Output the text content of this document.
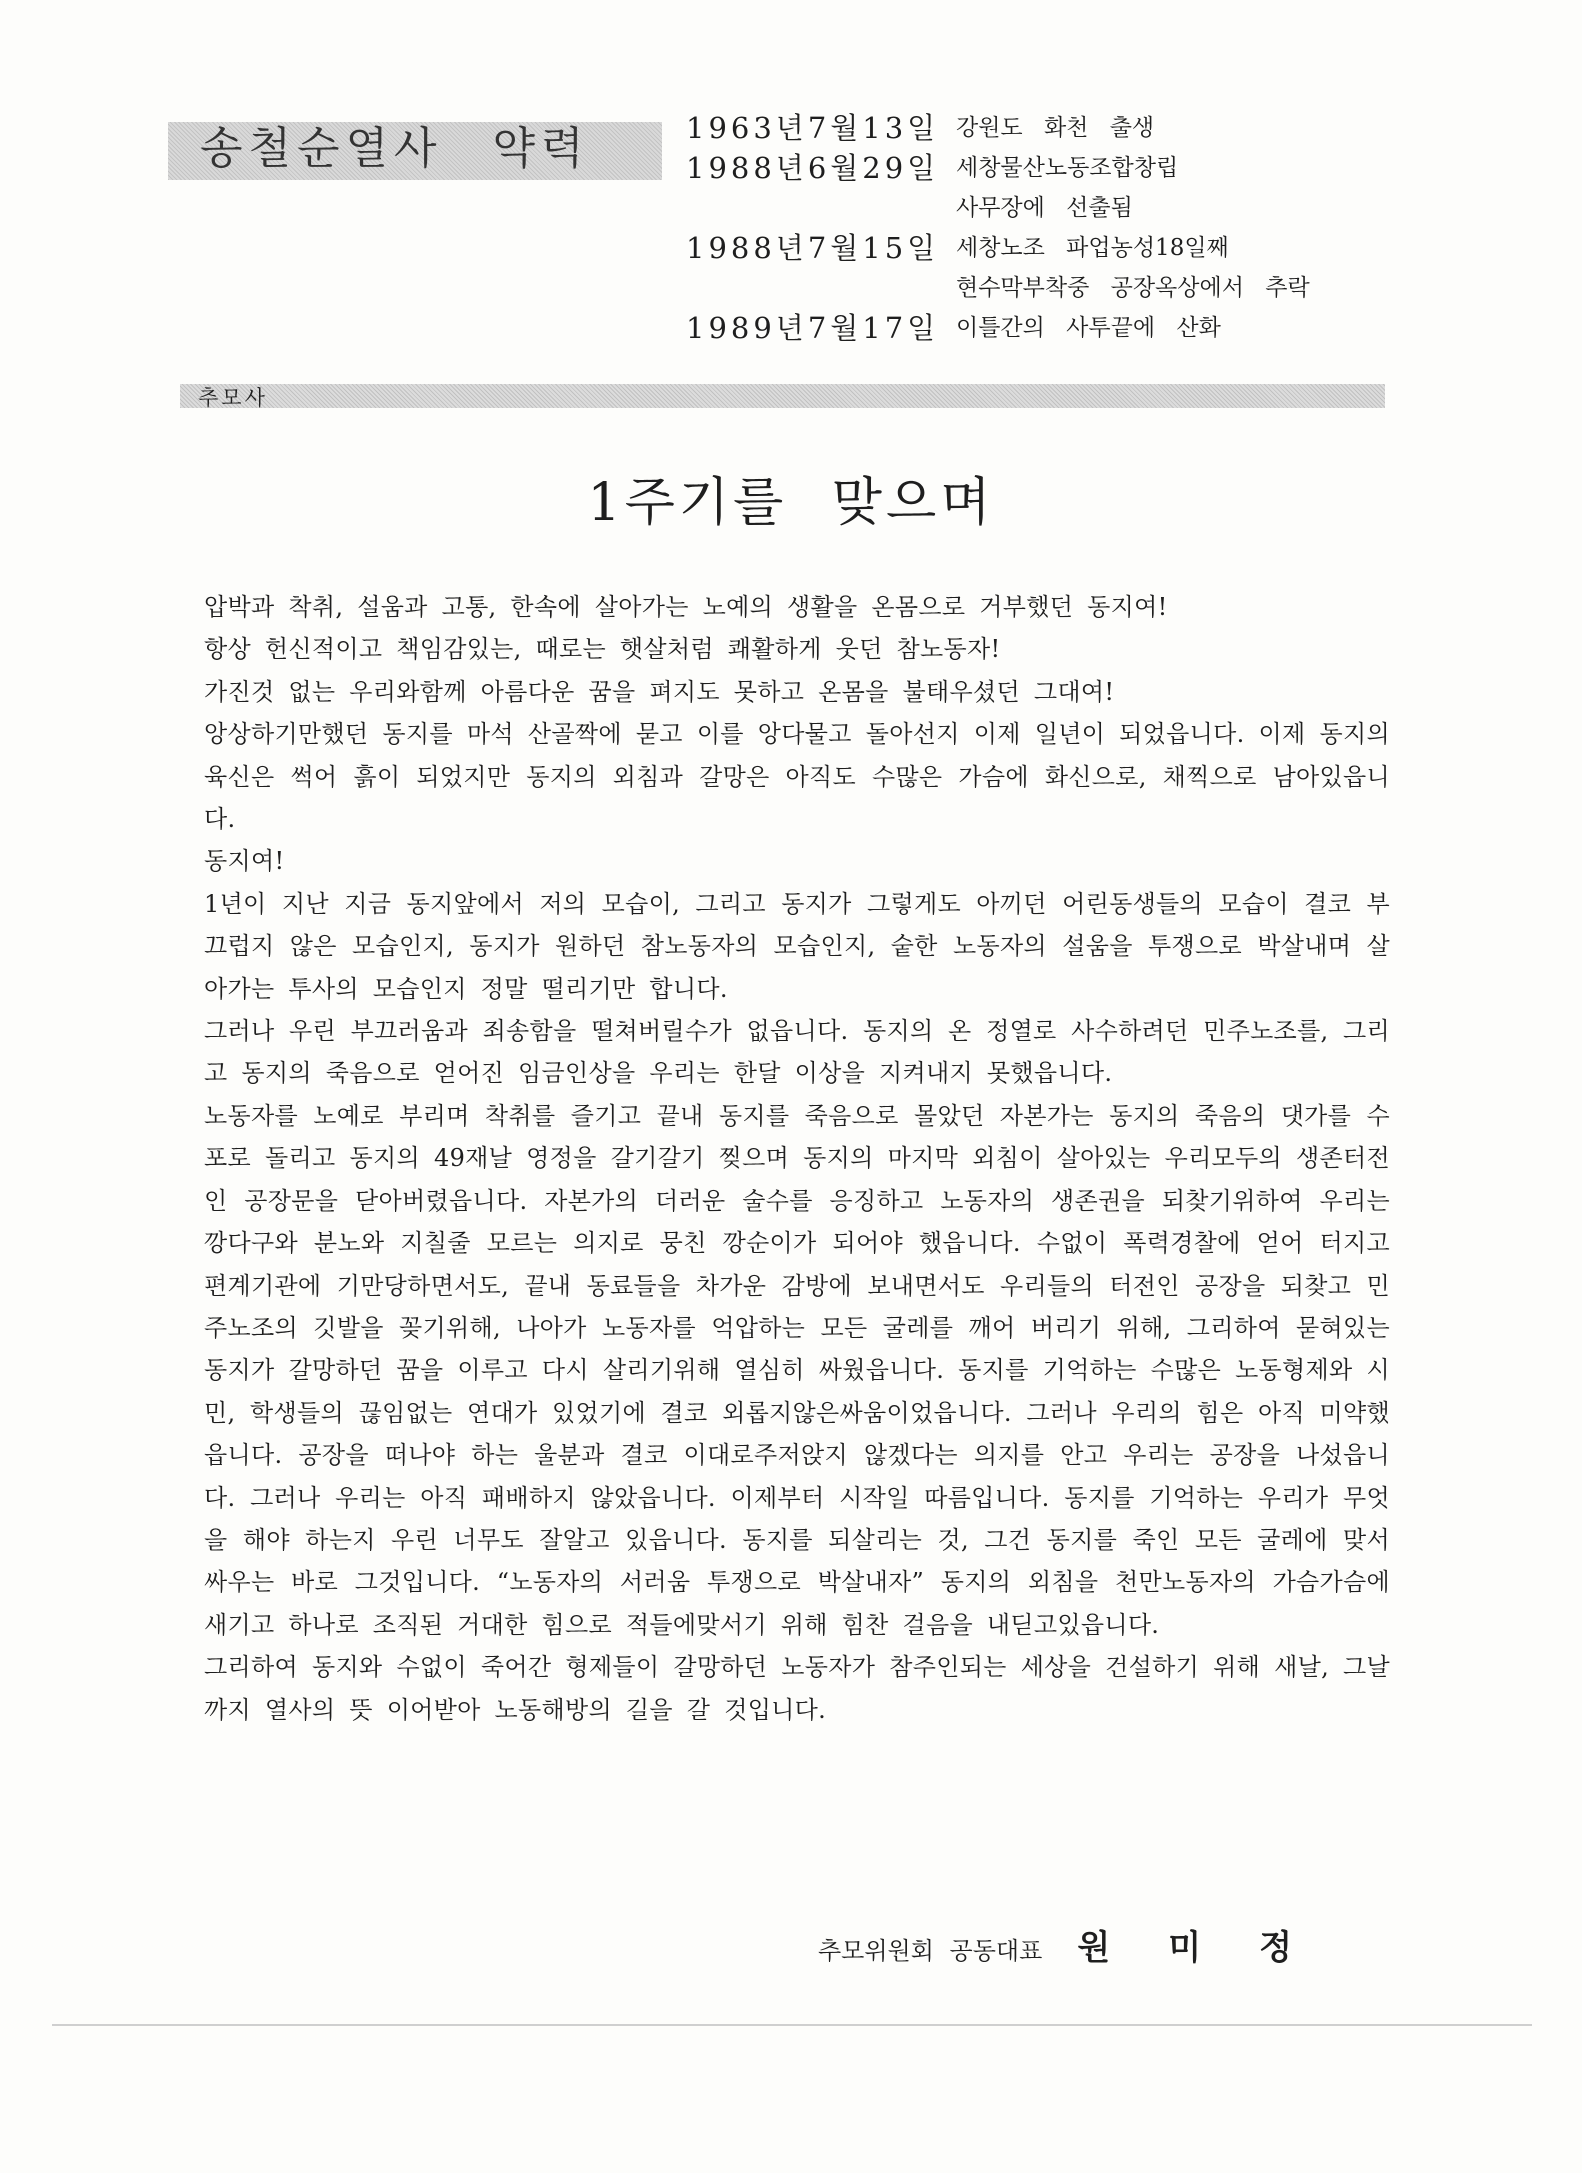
송철순열사 약력	1963년7월13일 강원도 화천 출생
1988년6월29일 세창물산노동조합창립
사무장에 선출됨
1988년7월15일 세창노조 파업농성18일째
현수막부착중 공장옥상에서 추락
1989년7월17일 이틀간의 사투끝에 산화
추모사
1주기를 맞으며

압박과 착취, 설움과 고통, 한속에 살아가는 노예의 생활을 온몸으로 거부했던 동지여!

항상 헌신적이고 책임감있는, 때로는 햇살처럼 쾌활하게 웃던 참노동자!

가진것 없는 우리와함께 아름다운 꿈을 펴지도 못하고 온몸을 불태우셨던 그대여!

앙상하기만했던 동지를 마석 산골짝에 묻고 이를 앙다물고 돌아선지 이제 일년이 되었읍니다. 이제 동지의 육신은 썩어 흙이 되었지만 동지의 외침과 갈망은 아직도 수많은 가슴에 화신으로, 채찍으로 남아있읍니다.

동지여!

1년이 지난 지금 동지앞에서 저의 모습이, 그리고 동지가 그렇게도 아끼던 어린동생들의 모습이 결코 부끄럽지 않은 모습인지, 동지가 원하던 참노동자의 모습인지, 숱한 노동자의 설움을 투쟁으로 박살내며 살아가는 투사의 모습인지 정말 떨리기만 합니다.

그러나 우린 부끄러움과 죄송함을 떨쳐버릴수가 없읍니다. 동지의 온 정열로 사수하려던 민주노조를, 그리고 동지의 죽음으로 얻어진 임금인상을 우리는 한달 이상을 지켜내지 못했읍니다.

노동자를 노예로 부리며 착취를 즐기고 끝내 동지를 죽음으로 몰았던 자본가는 동지의 죽음의 댓가를 수포로 돌리고 동지의 49재날 영정을 갈기갈기 찢으며 동지의 마지막 외침이 살아있는 우리모두의 생존터전인 공장문을 닫아버렸읍니다. 자본가의 더러운 술수를 응징하고 노동자의 생존권을 되찾기위하여 우리는 깡다구와 분노와 지칠줄 모르는 의지로 뭉친 깡순이가 되어야 했읍니다. 수없이 폭력경찰에 얻어 터지고 편계기관에 기만당하면서도, 끝내 동료들을 차가운 감방에 보내면서도 우리들의 터전인 공장을 되찾고 민주노조의 깃발을 꽂기위해, 나아가 노동자를 억압하는 모든 굴레를 깨어 버리기 위해, 그리하여 묻혀있는 동지가 갈망하던 꿈을 이루고 다시 살리기위해 열심히 싸웠읍니다. 동지를 기억하는 수많은 노동형제와 시민, 학생들의 끊임없는 연대가 있었기에 결코 외롭지않은싸움이었읍니다. 그러나 우리의 힘은 아직 미약했읍니다. 공장을 떠나야 하는 울분과 결코 이대로주저앉지 않겠다는 의지를 안고 우리는 공장을 나섰읍니다. 그러나 우리는 아직 패배하지 않았읍니다. 이제부터 시작일 따름입니다. 동지를 기억하는 우리가 무엇을 해야 하는지 우린 너무도 잘알고 있읍니다. 동지를 되살리는 것, 그건 동지를 죽인 모든 굴레에 맞서 싸우는 바로 그것입니다. “노동자의 서러움 투쟁으로 박살내자” 동지의 외침을 천만노동자의 가슴가슴에 새기고 하나로 조직된 거대한 힘으로 적들에맞서기 위해 힘찬 걸음을 내딛고있읍니다.

그리하여 동지와 수없이 죽어간 형제들이 갈망하던 노동자가 참주인되는 세상을 건설하기 위해 새날, 그날까지 열사의 뜻 이어받아 노동해방의 길을 갈 것입니다.

추모위원회 공동대표 원미정
